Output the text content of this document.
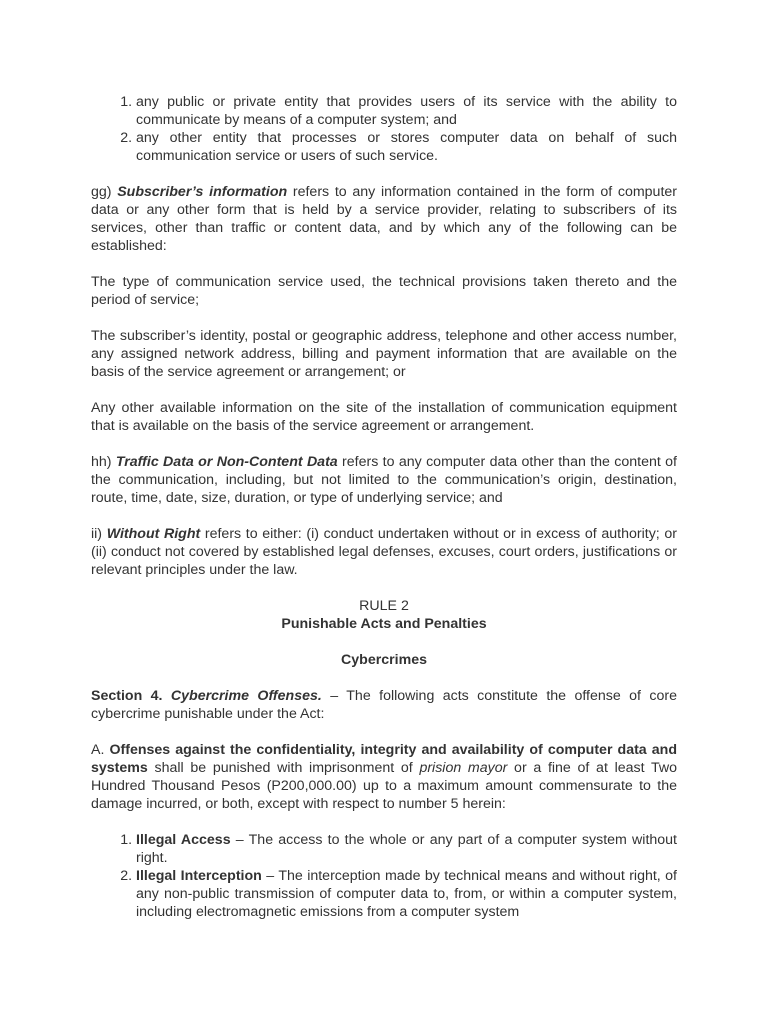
1. any public or private entity that provides users of its service with the ability to communicate by means of a computer system; and
2. any other entity that processes or stores computer data on behalf of such communication service or users of such service.

gg) Subscriber’s information refers to any information contained in the form of computer data or any other form that is held by a service provider, relating to subscribers of its services, other than traffic or content data, and by which any of the following can be established:

The type of communication service used, the technical provisions taken thereto and the period of service;

The subscriber’s identity, postal or geographic address, telephone and other access number, any assigned network address, billing and payment information that are available on the basis of the service agreement or arrangement; or

Any other available information on the site of the installation of communication equipment that is available on the basis of the service agreement or arrangement.

hh) Traffic Data or Non-Content Data refers to any computer data other than the content of the communication, including, but not limited to the communication’s origin, destination, route, time, date, size, duration, or type of underlying service; and

ii) Without Right refers to either: (i) conduct undertaken without or in excess of authority; or (ii) conduct not covered by established legal defenses, excuses, court orders, justifications or relevant principles under the law.

RULE 2

Punishable Acts and Penalties

Cybercrimes

Section 4. Cybercrime Offenses. – The following acts constitute the offense of core cybercrime punishable under the Act:

A. Offenses against the confidentiality, integrity and availability of computer data and systems shall be punished with imprisonment of prision mayor or a fine of at least Two Hundred Thousand Pesos (P200,000.00) up to a maximum amount commensurate to the damage incurred, or both, except with respect to number 5 herein:

1. Illegal Access – The access to the whole or any part of a computer system without right.
2. Illegal Interception – The interception made by technical means and without right, of any non-public transmission of computer data to, from, or within a computer system, including electromagnetic emissions from a computer system
